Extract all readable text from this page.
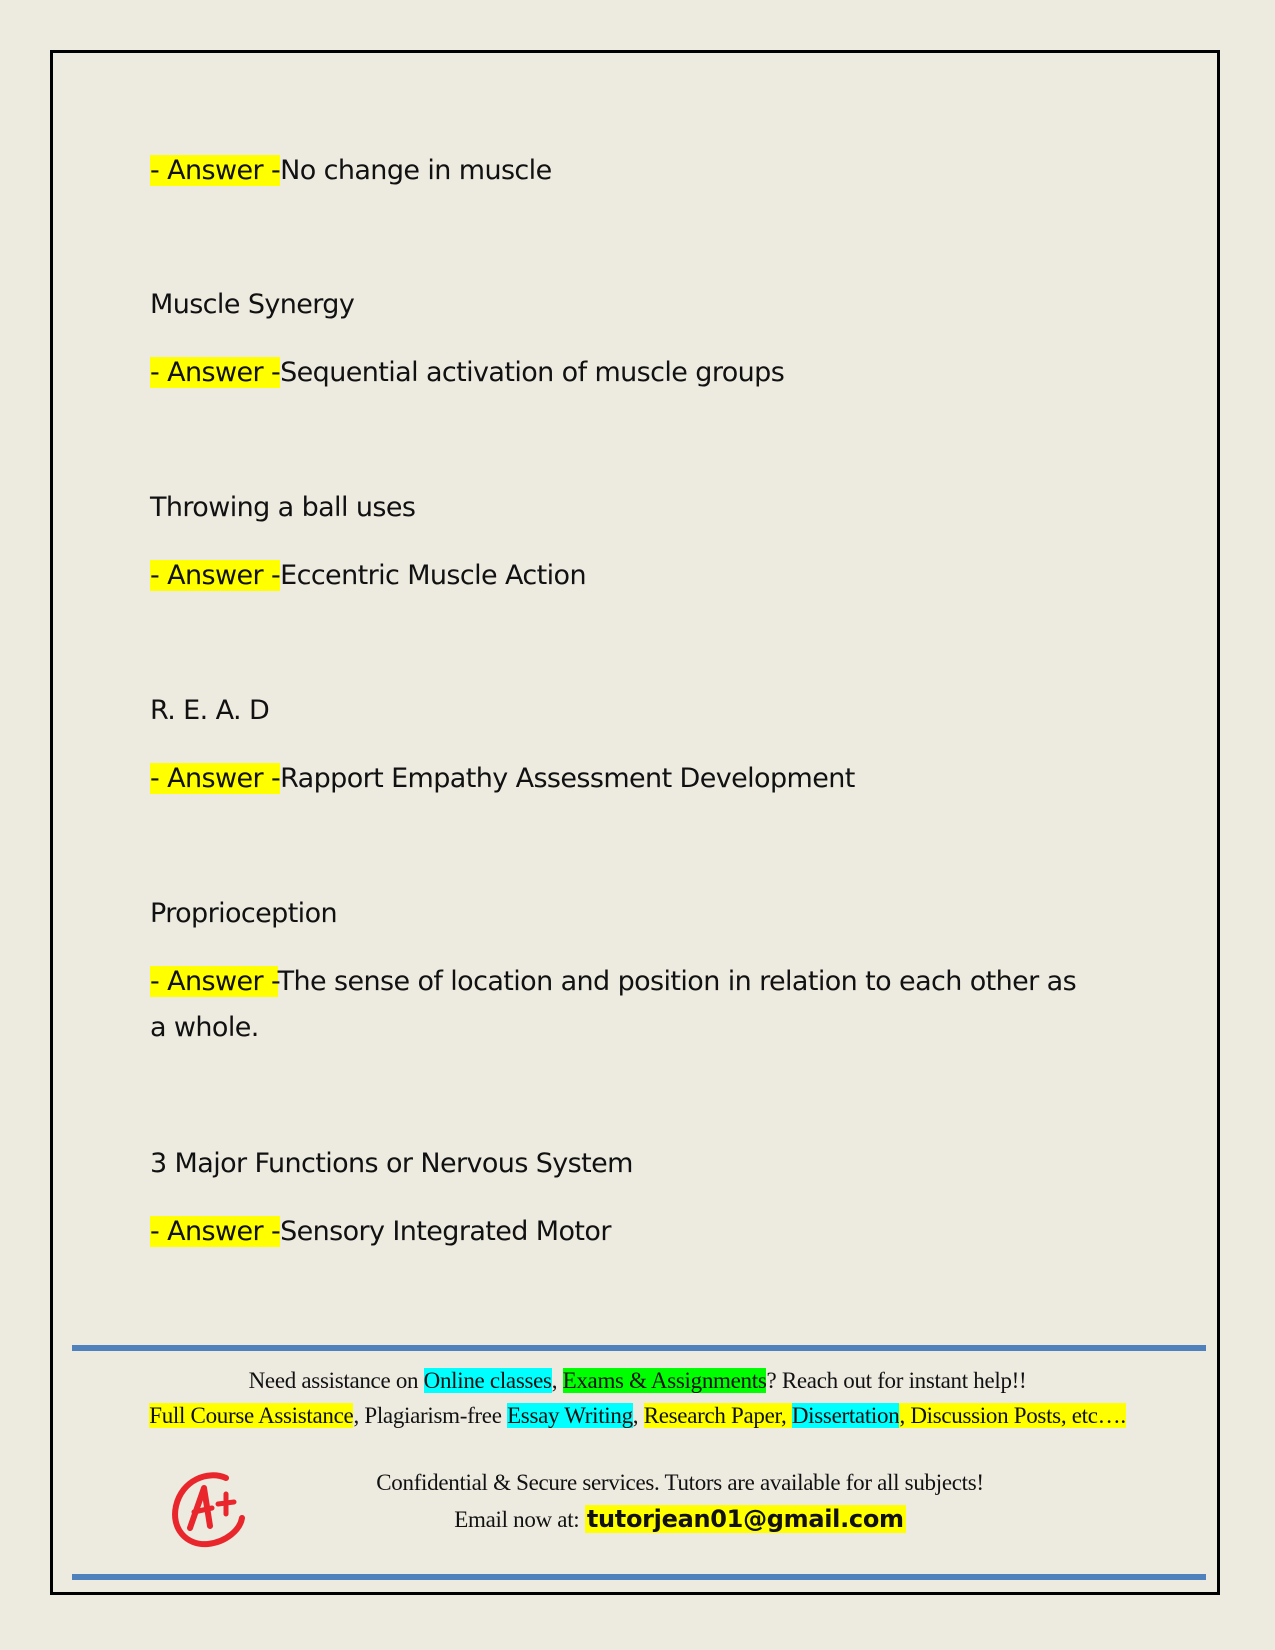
- Answer -No change in muscle
Muscle Synergy
- Answer -Sequential activation of muscle groups
Throwing a ball uses
- Answer -Eccentric Muscle Action
R. E. A. D
- Answer -Rapport Empathy Assessment Development
Proprioception
- Answer -The sense of location and position in relation to each other as
a whole.
3 Major Functions or Nervous System
- Answer -Sensory Integrated Motor
Need assistance on Online classes, Exams & Assignments? Reach out for instant help!!
Full Course Assistance, Plagiarism-free Essay Writing, Research Paper, Dissertation, Discussion Posts, etc….
Confidential & Secure services. Tutors are available for all subjects!
Email now at: tutorjean01@gmail.com
